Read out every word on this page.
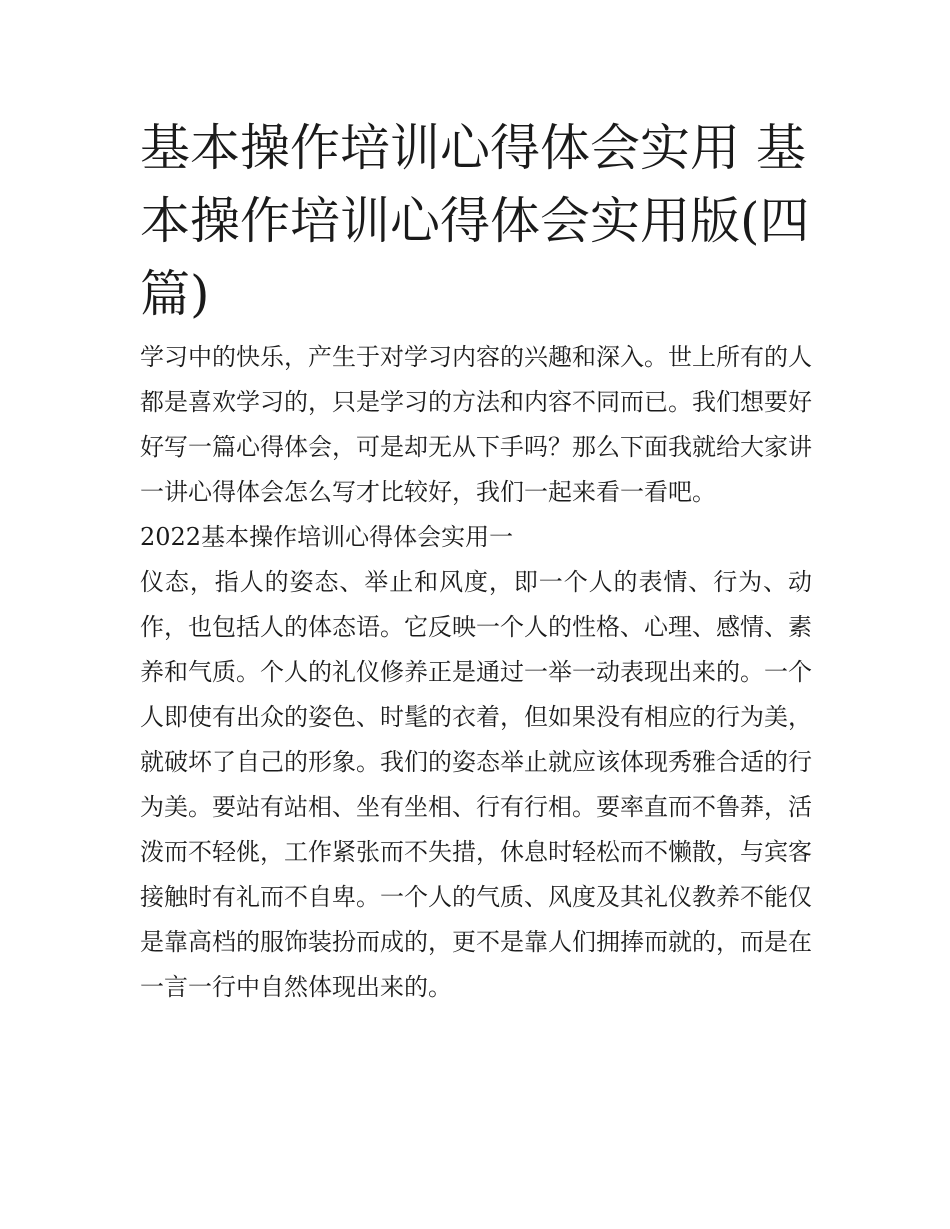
基本操作培训心得体会实用 基本操作培训心得体会实用版(四篇)

学习中的快乐，产生于对学习内容的兴趣和深入。世上所有的人都是喜欢学习的，只是学习的方法和内容不同而已。我们想要好好写一篇心得体会，可是却无从下手吗？那么下面我就给大家讲一讲心得体会怎么写才比较好，我们一起来看一看吧。

2022基本操作培训心得体会实用一

仪态，指人的姿态、举止和风度，即一个人的表情、行为、动作，也包括人的体态语。它反映一个人的性格、心理、感情、素养和气质。个人的礼仪修养正是通过一举一动表现出来的。一个人即使有出众的姿色、时髦的衣着，但如果没有相应的行为美，就破坏了自己的形象。我们的姿态举止就应该体现秀雅合适的行为美。要站有站相、坐有坐相、行有行相。要率直而不鲁莽，活泼而不轻佻，工作紧张而不失措，休息时轻松而不懒散，与宾客接触时有礼而不自卑。一个人的气质、风度及其礼仪教养不能仅是靠高档的服饰装扮而成的，更不是靠人们拥捧而就的，而是在一言一行中自然体现出来的。
